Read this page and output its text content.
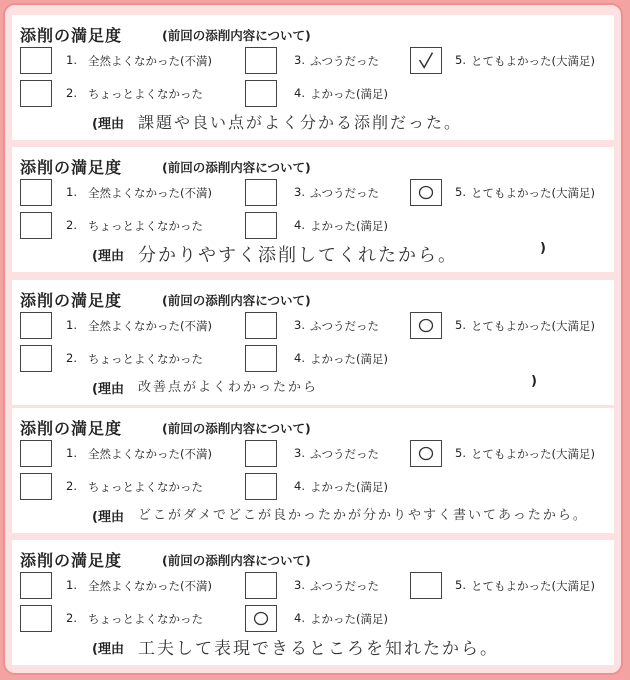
添削の満足度	(前回の添削内容について)
1. 全然よくなかった(不満)
2. ちょっとよくなかった
3. ふつうだった
4. よかった(満足)
5. とてもよかった(大満足)
(理由 課題や良い点がよく分かる添削だった。
添削の満足度	(前回の添削内容について)
1. 全然よくなかった(不満)
2. ちょっとよくなかった
3. ふつうだった
4. よかった(満足)
5. とてもよかった(大満足)
(理由 分かりやすく添削してくれたから。	)
添削の満足度	(前回の添削内容について)
1. 全然よくなかった(不満)
2. ちょっとよくなかった
3. ふつうだった
4. よかった(満足)
5. とてもよかった(大満足)
(理由 改善点がよくわかったから	)
添削の満足度	(前回の添削内容について)
1. 全然よくなかった(不満)
2. ちょっとよくなかった
3. ふつうだった
4. よかった(満足)
5. とてもよかった(大満足)
(理由 どこがダメでどこが良かったかが分かりやすく書いてあったから。
添削の満足度	(前回の添削内容について)
1. 全然よくなかった(不満)
2. ちょっとよくなかった
3. ふつうだった
4. よかった(満足)
5. とてもよかった(大満足)
(理由 工夫して表現できるところを知れたから。
